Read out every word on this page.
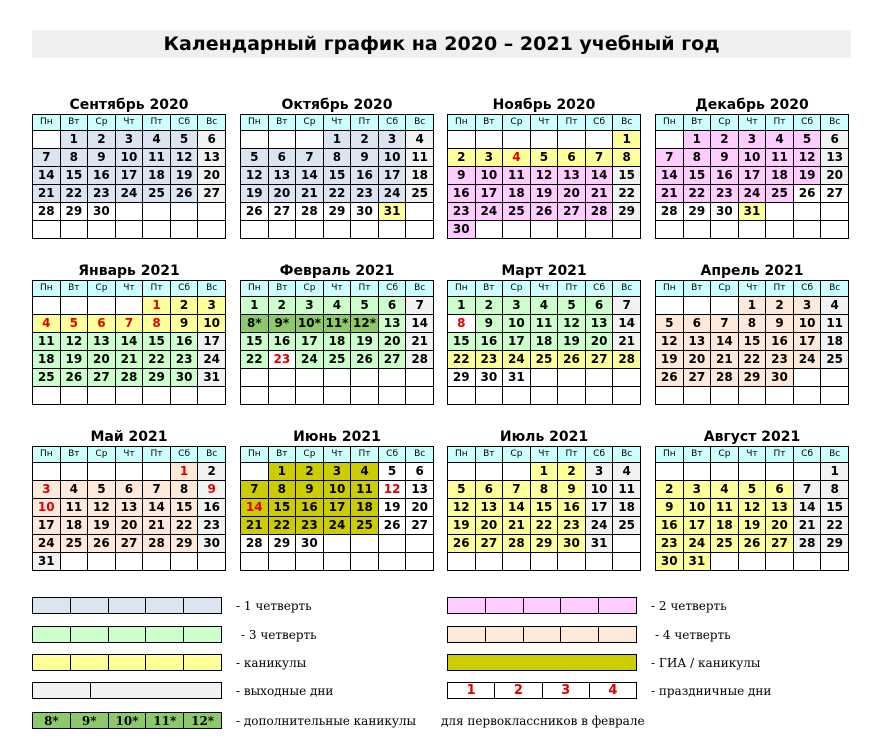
Календарный график на 2020 – 2021 учебный год
Сентябрь 2020
Пн	Вт	Ср	Чт	Пт	Сб	Вс
	1	2	3	4	5	6
7	8	9	10	11	12	13
14	15	16	17	18	19	20
21	22	23	24	25	26	27
28	29	30				

Октябрь 2020
Пн	Вт	Ср	Чт	Пт	Сб	Вс
			1	2	3	4
5	6	7	8	9	10	11
12	13	14	15	16	17	18
19	20	21	22	23	24	25
26	27	28	29	30	31	

Ноябрь 2020
Пн	Вт	Ср	Чт	Пт	Сб	Вс
						1
2	3	4	5	6	7	8
9	10	11	12	13	14	15
16	17	18	19	20	21	22
23	24	25	26	27	28	29
30						
Декабрь 2020
Пн	Вт	Ср	Чт	Пт	Сб	Вс
	1	2	3	4	5	6
7	8	9	10	11	12	13
14	15	16	17	18	19	20
21	22	23	24	25	26	27
28	29	30	31			

Январь 2021
Пн	Вт	Ср	Чт	Пт	Сб	Вс
				1	2	3
4	5	6	7	8	9	10
11	12	13	14	15	16	17
18	19	20	21	22	23	24
25	26	27	28	29	30	31

Февраль 2021
Пн	Вт	Ср	Чт	Пт	Сб	Вс
1	2	3	4	5	6	7
8*	9*	10*	11*	12*	13	14
15	16	17	18	19	20	21
22	23	24	25	26	27	28

Март 2021
Пн	Вт	Ср	Чт	Пт	Сб	Вс
1	2	3	4	5	6	7
8	9	10	11	12	13	14
15	16	17	18	19	20	21
22	23	24	25	26	27	28
29	30	31				

Апрель 2021
Пн	Вт	Ср	Чт	Пт	Сб	Вс
			1	2	3	4
5	6	7	8	9	10	11
12	13	14	15	16	17	18
19	20	21	22	23	24	25
26	27	28	29	30		

Май 2021
Пн	Вт	Ср	Чт	Пт	Сб	Вс
					1	2
3	4	5	6	7	8	9
10	11	12	13	14	15	16
17	18	19	20	21	22	23
24	25	26	27	28	29	30
31						
Июнь 2021
Пн	Вт	Ср	Чт	Пт	Сб	Вс
	1	2	3	4	5	6
7	8	9	10	11	12	13
14	15	16	17	18	19	20
21	22	23	24	25	26	27
28	29	30				

Июль 2021
Пн	Вт	Ср	Чт	Пт	Сб	Вс
			1	2	3	4
5	6	7	8	9	10	11
12	13	14	15	16	17	18
19	20	21	22	23	24	25
26	27	28	29	30	31	

Август 2021
Пн	Вт	Ср	Чт	Пт	Сб	Вс
						1
2	3	4	5	6	7	8
9	10	11	12	13	14	15
16	17	18	19	20	21	22
23	24	25	26	27	28	29
30	31					
- 1 четверть	- 2 четверть
- 3 четверть	- 4 четверть
- каникулы	- ГИА / каникулы
- выходные дни	1	2	3	4	- праздничные дни
8*	9*	10*	11*	12*	- дополнительные каникулы для первоклассников в феврале
